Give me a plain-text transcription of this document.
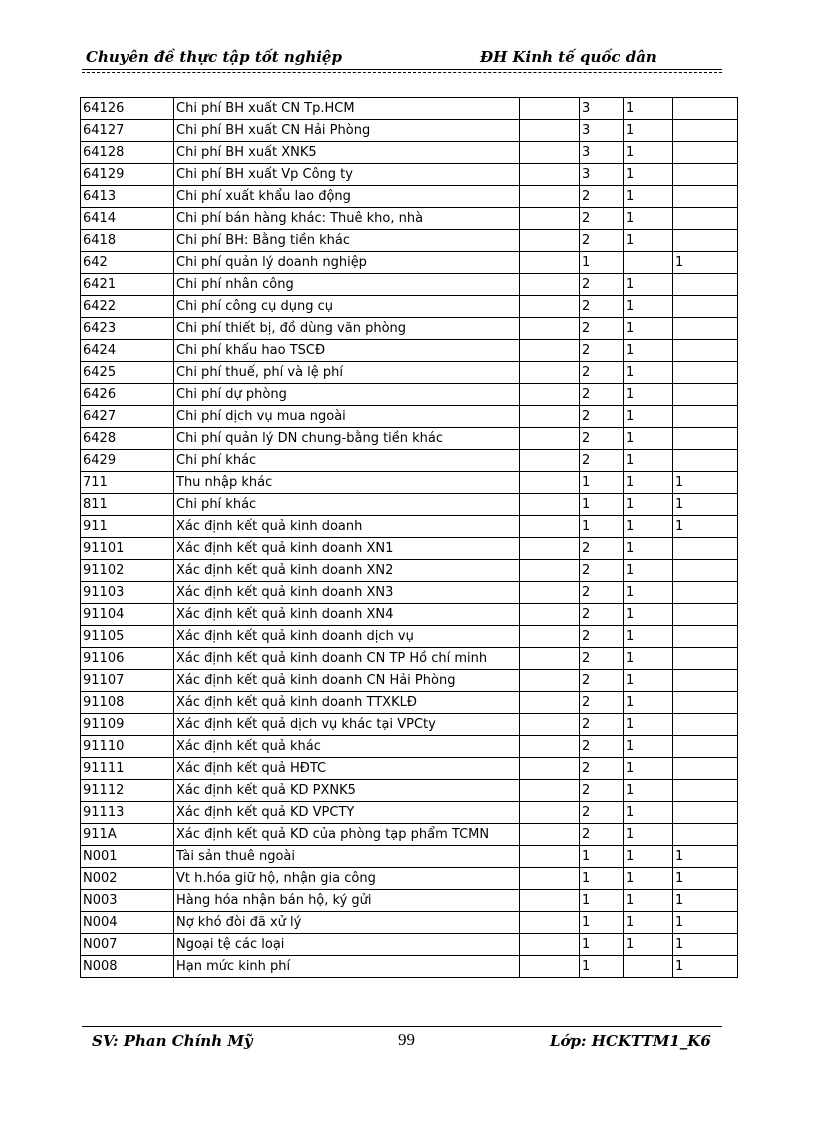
Chuyên đề thực tập tốt nghiệp	ĐH Kinh tế quốc dân
64126	Chi phí BH xuất CN Tp.HCM		3	1	
64127	Chi phí BH xuất CN Hải Phòng		3	1	
64128	Chi phí BH xuất XNK5		3	1	
64129	Chi phí BH xuất Vp Công ty		3	1	
6413	Chi phí xuất khẩu lao động		2	1	
6414	Chi phí bán hàng khác: Thuê kho, nhà		2	1	
6418	Chi phí BH: Bằng tiền khác		2	1	
642	Chi phí quản lý doanh nghiệp		1		1
6421	Chi phí nhân công		2	1	
6422	Chi phí công cụ dụng cụ		2	1	
6423	Chi phí thiết bị, đồ dùng văn phòng		2	1	
6424	Chi phí khấu hao TSCĐ		2	1	
6425	Chi phí thuế, phí và lệ phí		2	1	
6426	Chi phí dự phòng		2	1	
6427	Chi phí dịch vụ mua ngoài		2	1	
6428	Chi phí quản lý DN chung-bằng tiền khác		2	1	
6429	Chi phí khác		2	1	
711	Thu nhập khác		1	1	1
811	Chi phí khác		1	1	1
911	Xác định kết quả kinh doanh		1	1	1
91101	Xác định kết quả kinh doanh XN1		2	1	
91102	Xác định kết quả kinh doanh XN2		2	1	
91103	Xác định kết quả kinh doanh XN3		2	1	
91104	Xác định kết quả kinh doanh XN4		2	1	
91105	Xác định kết quả kinh doanh dịch vụ		2	1	
91106	Xác định kết quả kinh doanh CN TP Hồ chí minh		2	1	
91107	Xác định kết quả kinh doanh CN Hải Phòng		2	1	
91108	Xác định kết quả kinh doanh TTXKLĐ		2	1	
91109	Xác định kết quả dịch vụ khác tại VPCty		2	1	
91110	Xác định kết quả khác		2	1	
91111	Xác định kết quả HĐTC		2	1	
91112	Xác định kết quả KD PXNK5		2	1	
91113	Xác định kết quả KD VPCTY		2	1	
911A	Xác định kết quả KD của phòng tạp phẩm TCMN		2	1	
N001	Tài sản thuê ngoài		1	1	1
N002	Vt h.hóa giữ hộ, nhận gia công		1	1	1
N003	Hàng hóa nhận bán hộ, ký gửi		1	1	1
N004	Nợ khó đòi đã xử lý		1	1	1
N007	Ngoại tệ các loại		1	1	1
N008	Hạn mức kinh phí		1		1
SV: Phan Chính Mỹ	99	Lớp: HCKTTM1_K6
